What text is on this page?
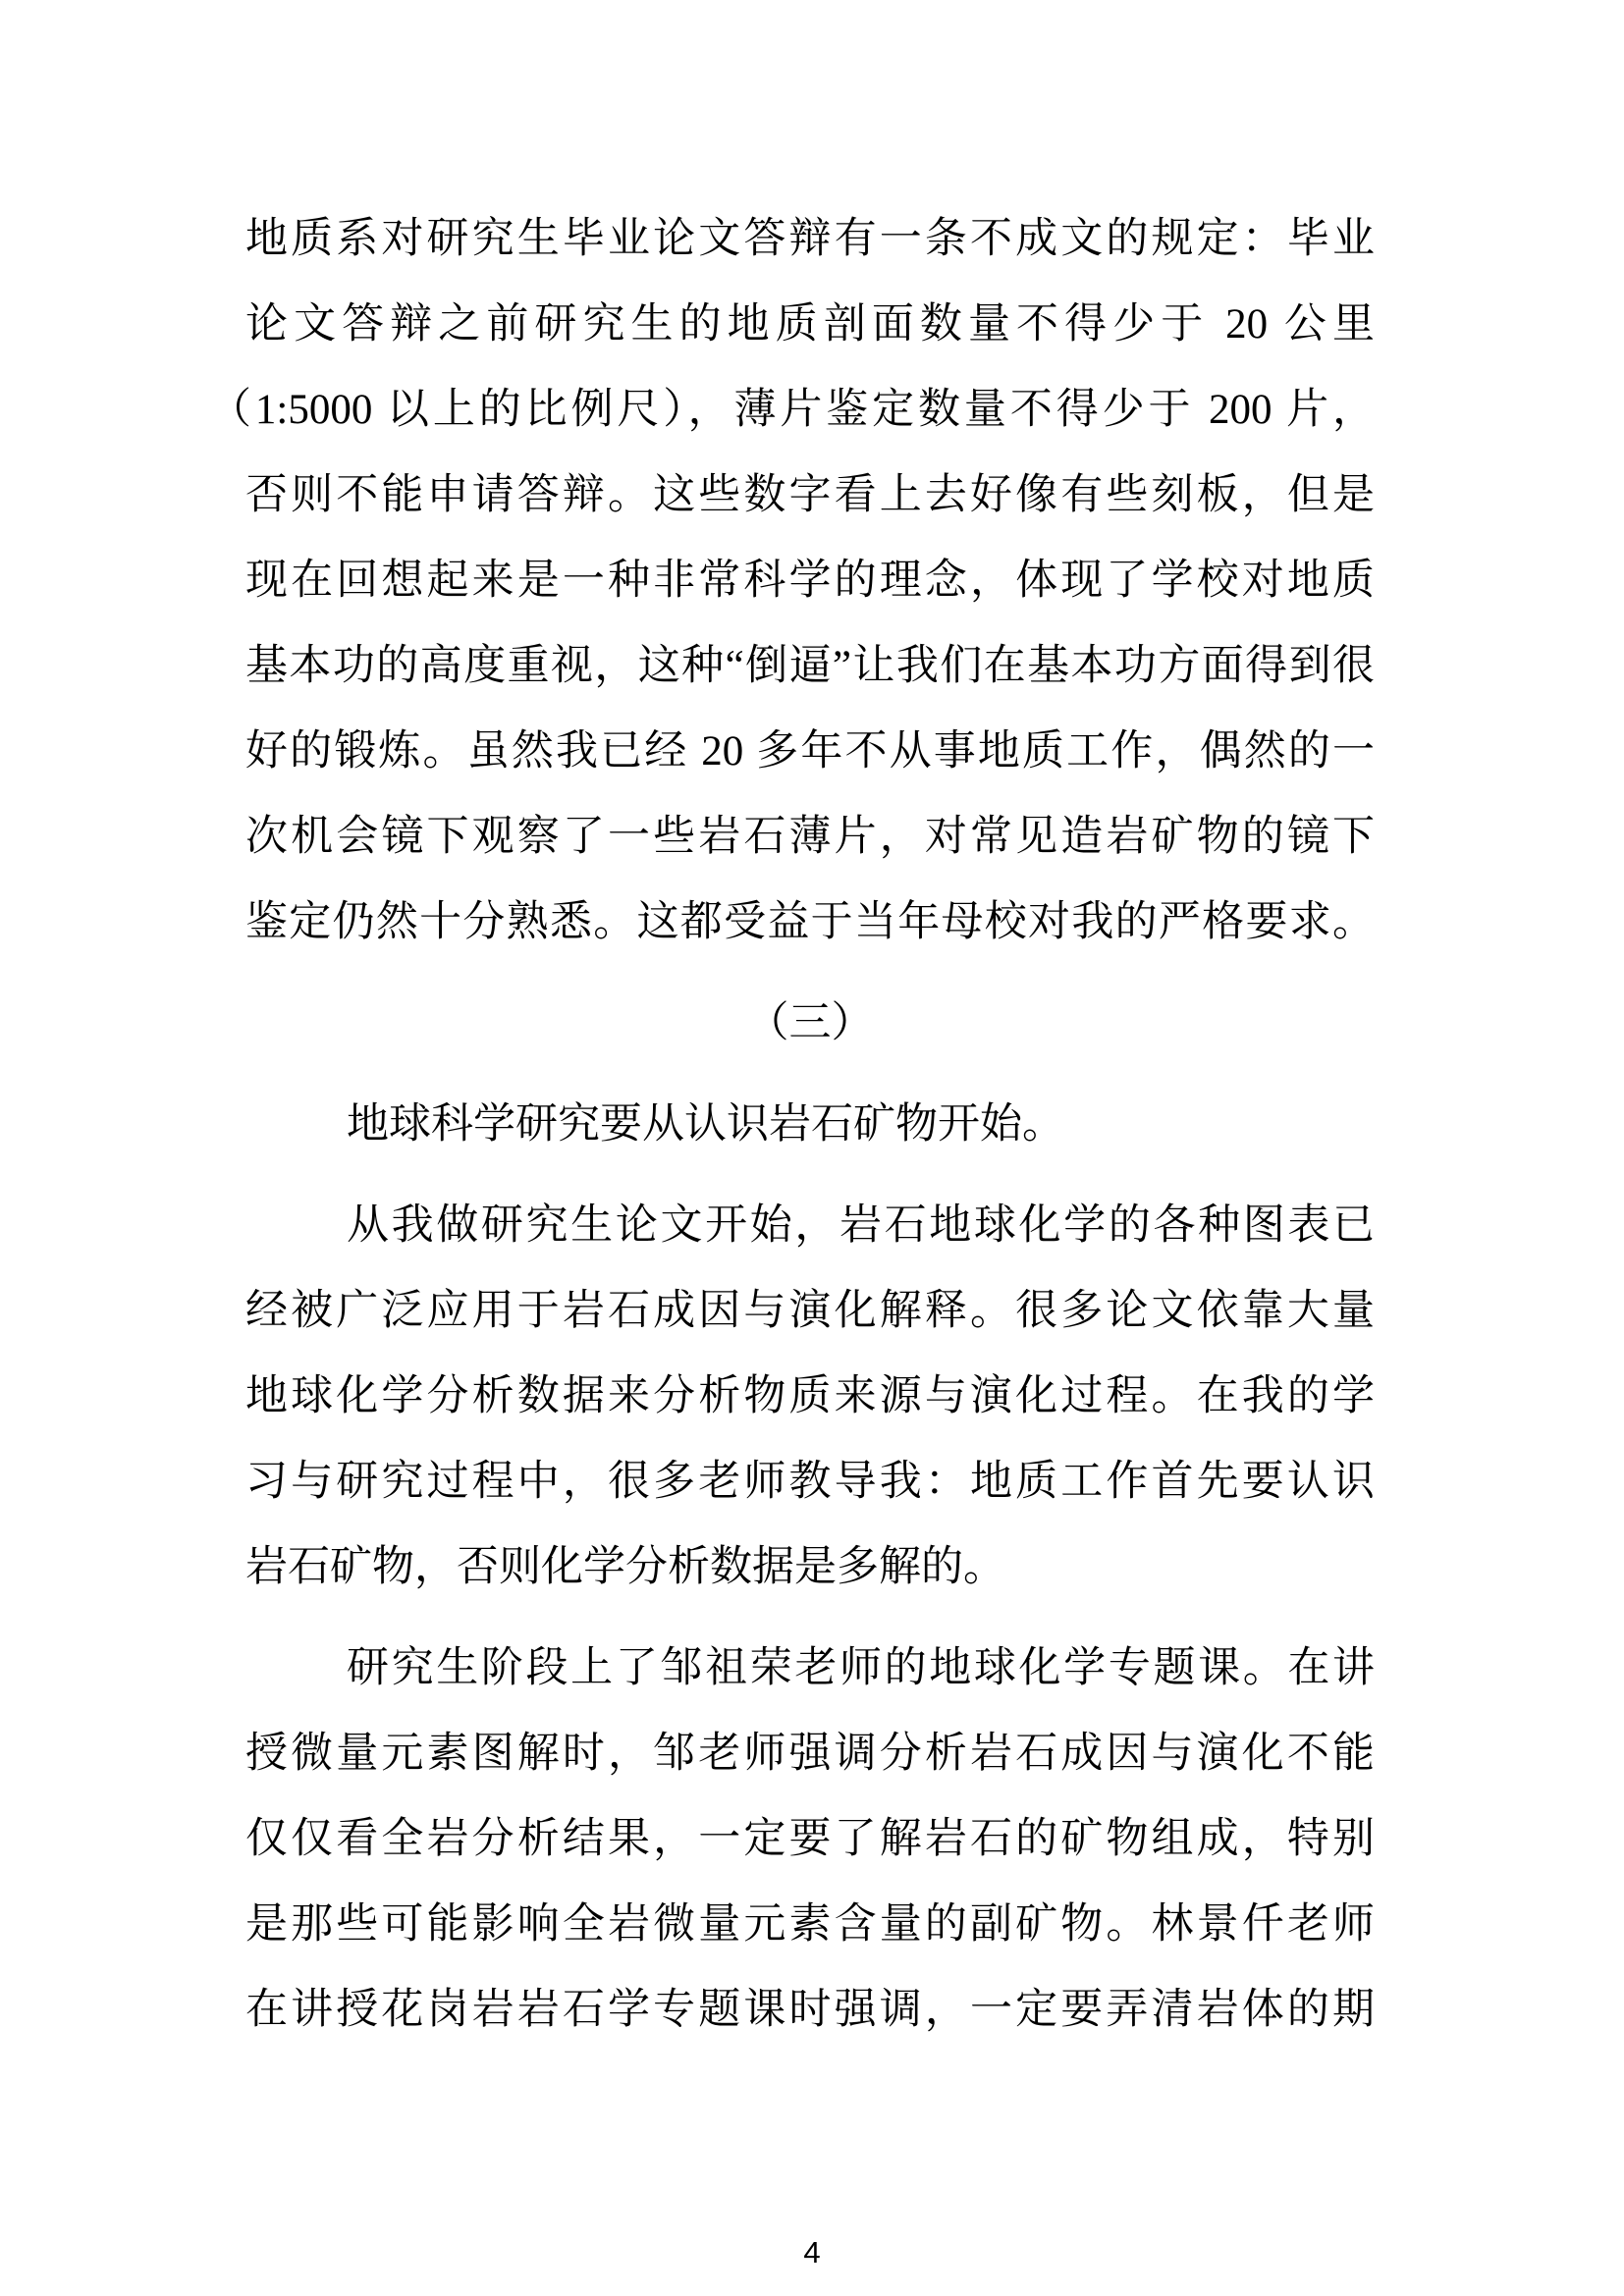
地质系对研究生毕业论文答辩有一条不成文的规定：毕业
论文答辩之前研究生的地质剖面数量不得少于 20 公里
（1:5000 以上的比例尺），薄片鉴定数量不得少于 200 片，
否则不能申请答辩。这些数字看上去好像有些刻板，但是
现在回想起来是一种非常科学的理念，体现了学校对地质
基本功的高度重视，这种“倒逼”让我们在基本功方面得到很
好的锻炼。虽然我已经 20 多年不从事地质工作，偶然的一
次机会镜下观察了一些岩石薄片，对常见造岩矿物的镜下
鉴定仍然十分熟悉。这都受益于当年母校对我的严格要求。
（三）
地球科学研究要从认识岩石矿物开始。
从我做研究生论文开始，岩石地球化学的各种图表已
经被广泛应用于岩石成因与演化解释。很多论文依靠大量
地球化学分析数据来分析物质来源与演化过程。在我的学
习与研究过程中，很多老师教导我：地质工作首先要认识
岩石矿物，否则化学分析数据是多解的。
研究生阶段上了邹祖荣老师的地球化学专题课。在讲
授微量元素图解时，邹老师强调分析岩石成因与演化不能
仅仅看全岩分析结果，一定要了解岩石的矿物组成，特别
是那些可能影响全岩微量元素含量的副矿物。林景仟老师
在讲授花岗岩岩石学专题课时强调，一定要弄清岩体的期
4
